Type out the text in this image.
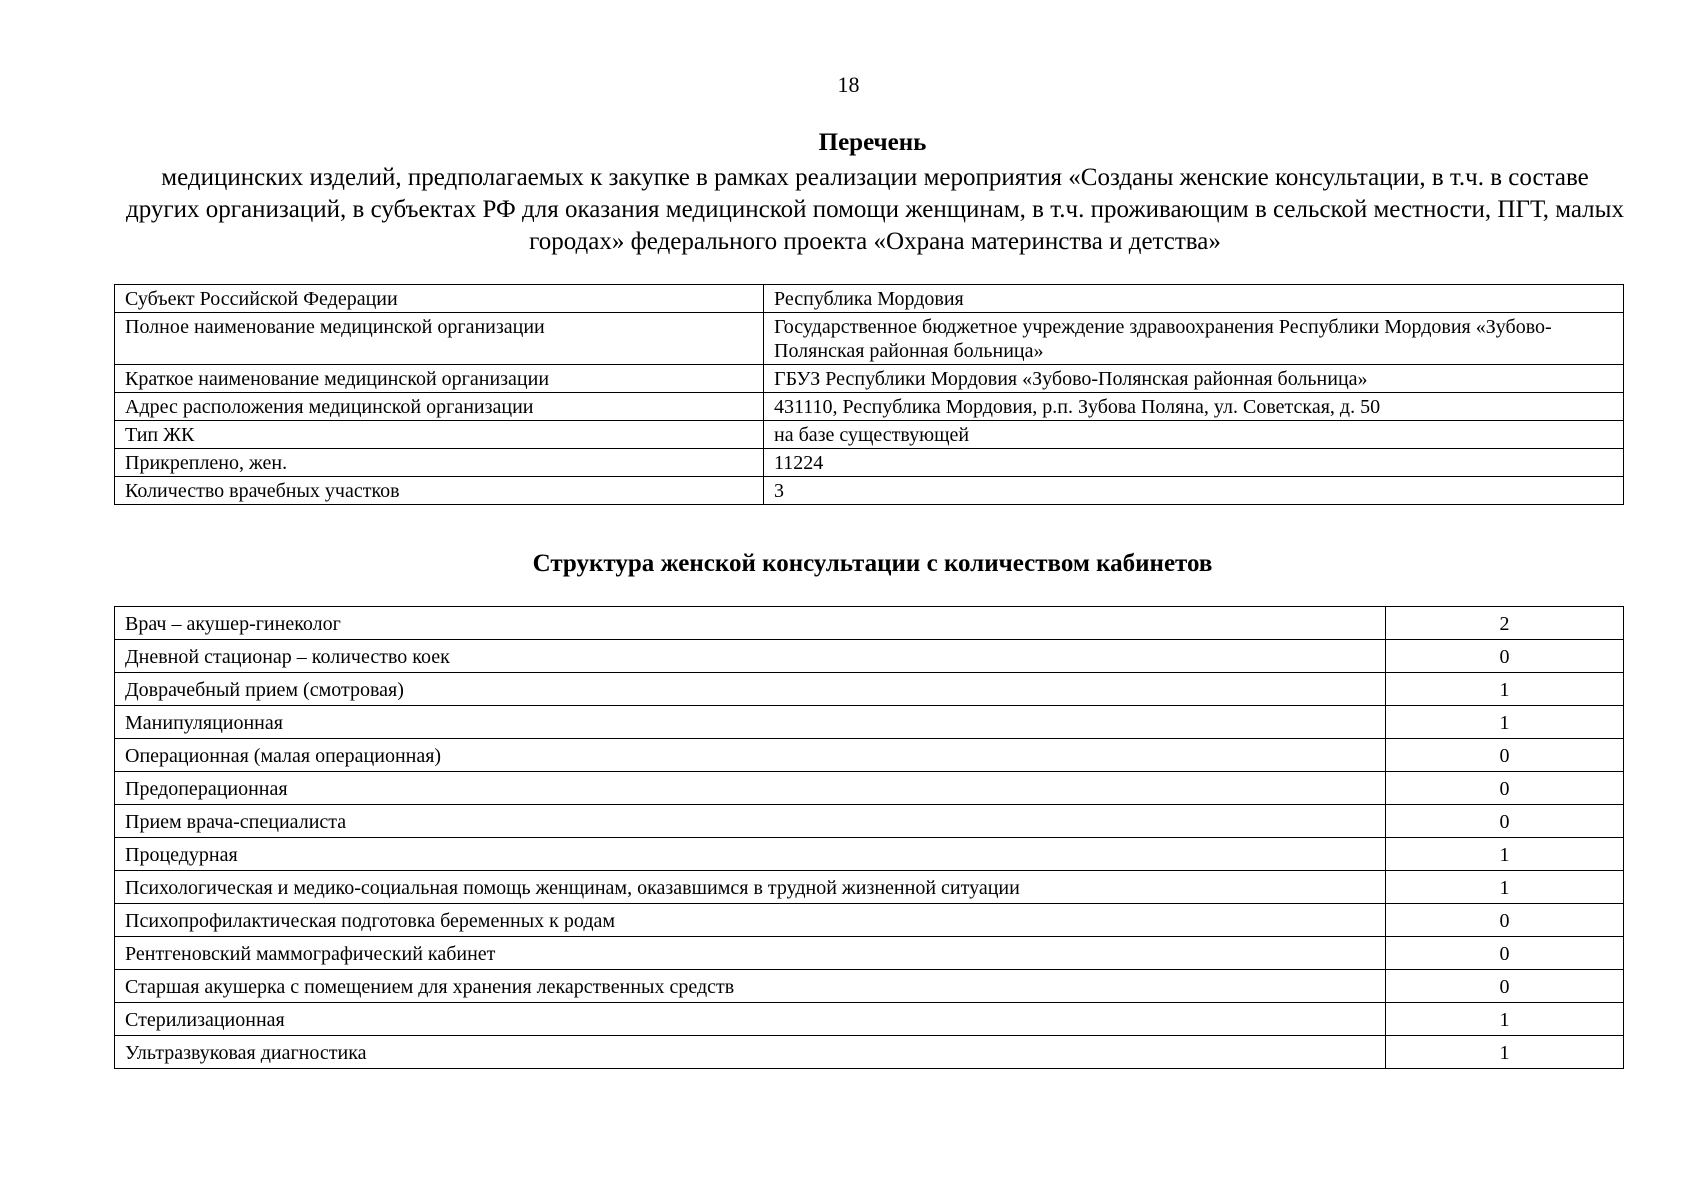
18
Перечень
медицинских изделий, предполагаемых к закупке в рамках реализации мероприятия «Созданы женские консультации, в т.ч. в составе других организаций, в субъектах РФ для оказания медицинской помощи женщинам, в т.ч. проживающим в сельской местности, ПГТ, малых городах» федерального проекта «Охрана материнства и детства»
Субъект Российской Федерации	Республика Мордовия
Полное наименование медицинской организации	Государственное бюджетное учреждение здравоохранения Республики Мордовия «Зубово-Полянская районная больница»
Краткое наименование медицинской организации	ГБУЗ Республики Мордовия «Зубово-Полянская районная больница»
Адрес расположения медицинской организации	431110, Республика Мордовия, р.п. Зубова Поляна, ул. Советская, д. 50
Тип ЖК	на базе существующей
Прикреплено, жен.	11224
Количество врачебных участков	3
Структура женской консультации с количеством кабинетов
Врач – акушер-гинеколог	2
Дневной стационар – количество коек	0
Доврачебный прием (смотровая)	1
Манипуляционная	1
Операционная (малая операционная)	0
Предоперационная	0
Прием врача-специалиста	0
Процедурная	1
Психологическая и медико-социальная помощь женщинам, оказавшимся в трудной жизненной ситуации	1
Психопрофилактическая подготовка беременных к родам	0
Рентгеновский маммографический кабинет	0
Старшая акушерка с помещением для хранения лекарственных средств	0
Стерилизационная	1
Ультразвуковая диагностика	1
